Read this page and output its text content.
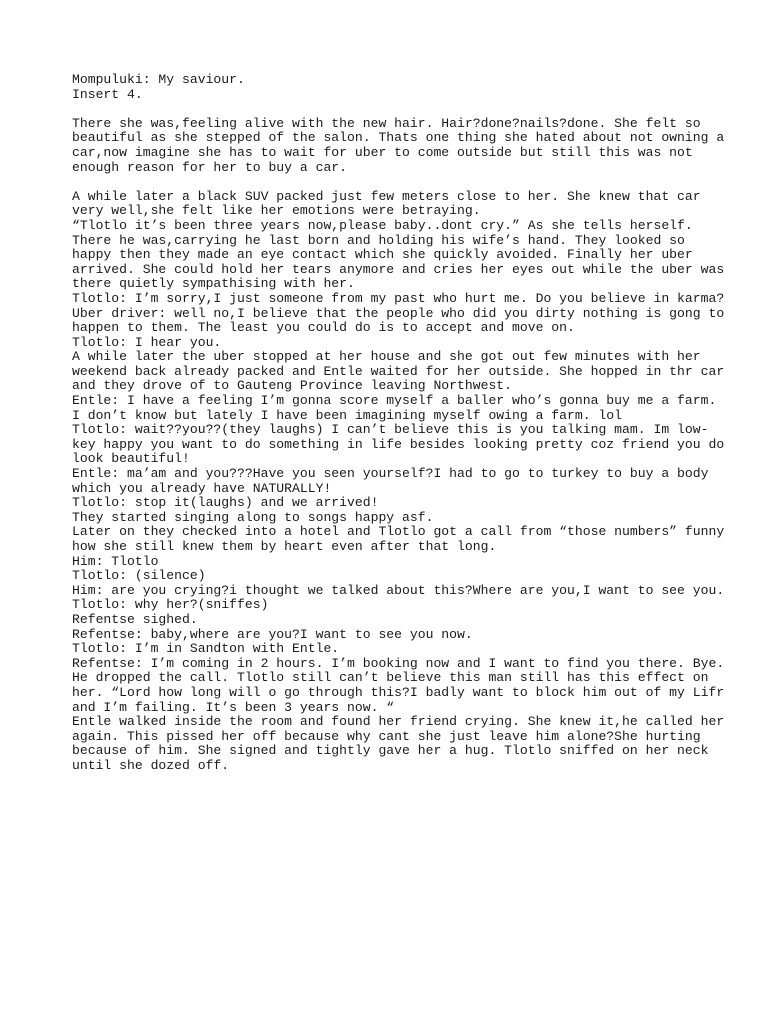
Mompuluki: My saviour.
Insert 4.
There she was,feeling alive with the new hair. Hair?done?nails?done. She felt so
beautiful as she stepped of the salon. Thats one thing she hated about not owning a
car,now imagine she has to wait for uber to come outside but still this was not
enough reason for her to buy a car.
A while later a black SUV packed just few meters close to her. She knew that car
very well,she felt like her emotions were betraying.
“Tlotlo it’s been three years now,please baby..dont cry.” As she tells herself.
There he was,carrying he last born and holding his wife’s hand. They looked so
happy then they made an eye contact which she quickly avoided. Finally her uber
arrived. She could hold her tears anymore and cries her eyes out while the uber was
there quietly sympathising with her.
Tlotlo: I’m sorry,I just someone from my past who hurt me. Do you believe in karma?
Uber driver: well no,I believe that the people who did you dirty nothing is gong to
happen to them. The least you could do is to accept and move on.
Tlotlo: I hear you.
A while later the uber stopped at her house and she got out few minutes with her
weekend back already packed and Entle waited for her outside. She hopped in thr car
and they drove of to Gauteng Province leaving Northwest.
Entle: I have a feeling I’m gonna score myself a baller who’s gonna buy me a farm.
I don’t know but lately I have been imagining myself owing a farm. lol
Tlotlo: wait??you??(they laughs) I can’t believe this is you talking mam. Im low-
key happy you want to do something in life besides looking pretty coz friend you do
look beautiful!
Entle: ma’am and you???Have you seen yourself?I had to go to turkey to buy a body
which you already have NATURALLY!
Tlotlo: stop it(laughs) and we arrived!
They started singing along to songs happy asf.
Later on they checked into a hotel and Tlotlo got a call from “those numbers” funny
how she still knew them by heart even after that long.
Him: Tlotlo
Tlotlo: (silence)
Him: are you crying?i thought we talked about this?Where are you,I want to see you.
Tlotlo: why her?(sniffes)
Refentse sighed.
Refentse: baby,where are you?I want to see you now.
Tlotlo: I’m in Sandton with Entle.
Refentse: I’m coming in 2 hours. I’m booking now and I want to find you there. Bye.
He dropped the call. Tlotlo still can’t believe this man still has this effect on
her. “Lord how long will o go through this?I badly want to block him out of my Lifr
and I’m failing. It’s been 3 years now. “
Entle walked inside the room and found her friend crying. She knew it,he called her
again. This pissed her off because why cant she just leave him alone?She hurting
because of him. She signed and tightly gave her a hug. Tlotlo sniffed on her neck
until she dozed off.
